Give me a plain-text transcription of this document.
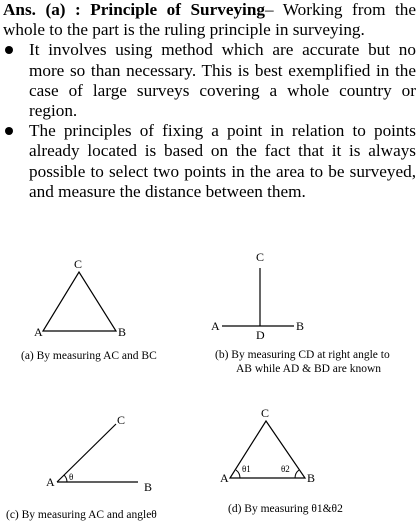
Ans. (a) : Principle of Surveying– Working from the whole to the part is the ruling principle in surveying.

It involves using method which are accurate but no more so than necessary. This is best exemplified in the case of large surveys covering a whole country or region.

The principles of fixing a point in relation to points already located is based on the fact that it is always possible to select two points in the area to be surveyed, and measure the distance between them.

C
A	B
(a) By measuring AC and BC
C
A	B
D
(b) By measuring CD at right angle to
AB while AD & BD are known
C
A	B
θ
(c) By measuring AC and angleθ
C
A	B
θ1	θ2
(d) By measuring θ1&θ2
